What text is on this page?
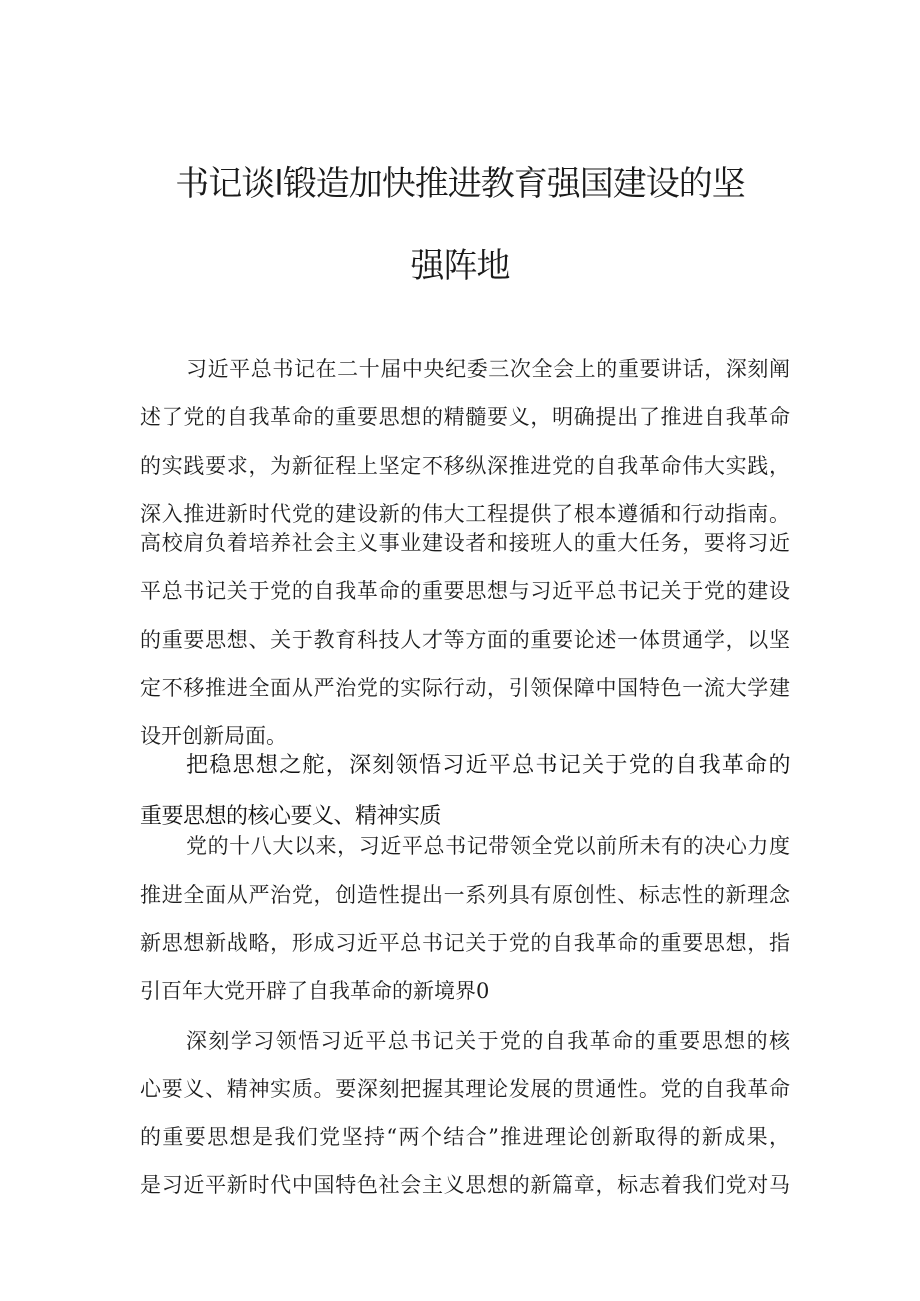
书记谈l锻造加快推进教育强国建设的坚
强阵地
习近平总书记在二十届中央纪委三次全会上的重要讲话，深刻阐
述了党的自我革命的重要思想的精髓要义，明确提出了推进自我革命
的实践要求，为新征程上坚定不移纵深推进党的自我革命伟大实践，
深入推进新时代党的建设新的伟大工程提供了根本遵循和行动指南。
高校肩负着培养社会主义事业建设者和接班人的重大任务，要将习近
平总书记关于党的自我革命的重要思想与习近平总书记关于党的建设
的重要思想、关于教育科技人才等方面的重要论述一体贯通学，以坚
定不移推进全面从严治党的实际行动，引领保障中国特色一流大学建
设开创新局面。
把稳思想之舵，深刻领悟习近平总书记关于党的自我革命的
重要思想的核心要义、精神实质
党的十八大以来，习近平总书记带领全党以前所未有的决心力度
推进全面从严治党，创造性提出一系列具有原创性、标志性的新理念
新思想新战略，形成习近平总书记关于党的自我革命的重要思想，指
引百年大党开辟了自我革命的新境界0
深刻学习领悟习近平总书记关于党的自我革命的重要思想的核
心要义、精神实质。要深刻把握其理论发展的贯通性。党的自我革命
的重要思想是我们党坚持“两个结合”推进理论创新取得的新成果，
是习近平新时代中国特色社会主义思想的新篇章，标志着我们党对马
